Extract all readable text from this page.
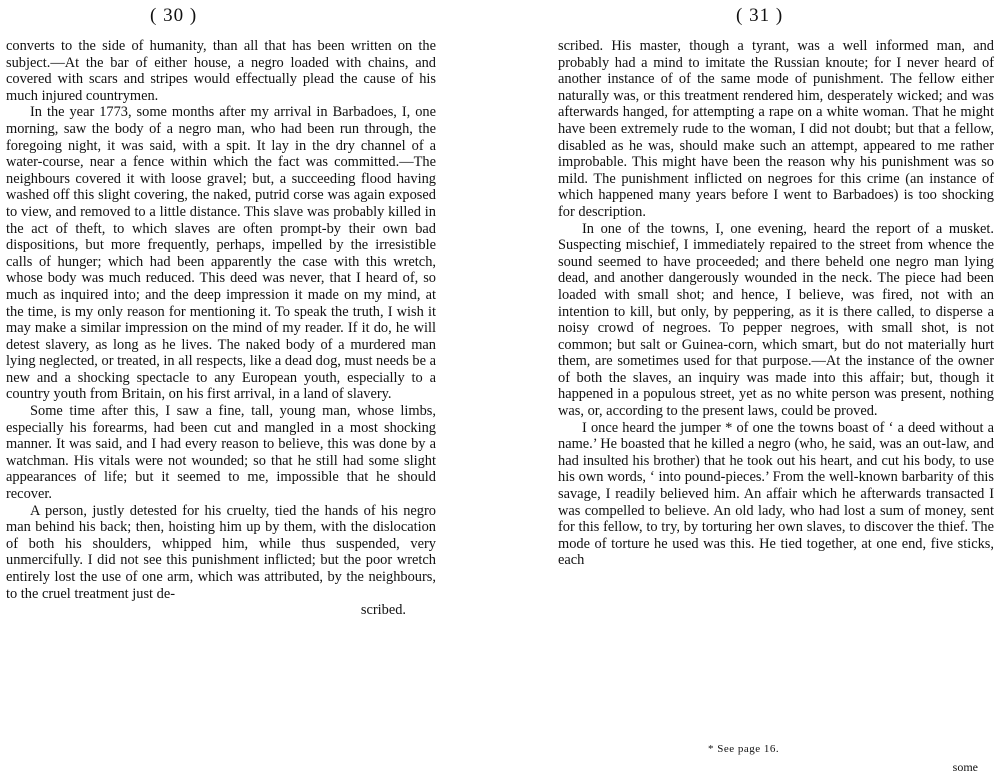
( 30 )

converts to the side of humanity, than all that has been written on the subject.—At the bar of either house, a negro loaded with chains, and covered with scars and stripes would effectually plead the cause of his much injured countrymen.

In the year 1773, some months after my arrival in Barbadoes, I, one morning, saw the body of a negro man, who had been run through, the foregoing night, it was said, with a spit. It lay in the dry channel of a water-course, near a fence within which the fact was committed.—The neighbours covered it with loose gravel; but, a succeeding flood having washed off this slight covering, the naked, putrid corse was again exposed to view, and removed to a little distance. This slave was probably killed in the act of theft, to which slaves are often prompt-by their own bad dispositions, but more frequently, perhaps, impelled by the irresistible calls of hunger; which had been apparently the case with this wretch, whose body was much reduced. This deed was never, that I heard of, so much as inquired into; and the deep impression it made on my mind, at the time, is my only reason for mentioning it. To speak the truth, I wish it may make a similar impression on the mind of my reader. If it do, he will detest slavery, as long as he lives. The naked body of a murdered man lying neglected, or treated, in all respects, like a dead dog, must needs be a new and a shocking spectacle to any European youth, especially to a country youth from Britain, on his first arrival, in a land of slavery.

Some time after this, I saw a fine, tall, young man, whose limbs, especially his forearms, had been cut and mangled in a most shocking manner. It was said, and I had every reason to believe, this was done by a watchman. His vitals were not wounded; so that he still had some slight appearances of life; but it seemed to me, impossible that he should recover.

A person, justly detested for his cruelty, tied the hands of his negro man behind his back; then, hoisting him up by them, with the dislocation of both his shoulders, whipped him, while thus suspended, very unmercifully. I did not see this punishment inflicted; but the poor wretch entirely lost the use of one arm, which was attributed, by the neighbours, to the cruel treatment just de-

scribed.

( 31 )

scribed. His master, though a tyrant, was a well informed man, and probably had a mind to imitate the Russian knoute; for I never heard of another instance of of the same mode of punishment. The fellow either naturally was, or this treatment rendered him, desperately wicked; and was afterwards hanged, for attempting a rape on a white woman. That he might have been extremely rude to the woman, I did not doubt; but that a fellow, disabled as he was, should make such an attempt, appeared to me rather improbable. This might have been the reason why his punishment was so mild. The punishment inflicted on negroes for this crime (an instance of which happened many years before I went to Barbadoes) is too shocking for description.

In one of the towns, I, one evening, heard the report of a musket. Suspecting mischief, I immediately repaired to the street from whence the sound seemed to have proceeded; and there beheld one negro man lying dead, and another dangerously wounded in the neck. The piece had been loaded with small shot; and hence, I believe, was fired, not with an intention to kill, but only, by peppering, as it is there called, to disperse a noisy crowd of negroes. To pepper negroes, with small shot, is not common; but salt or Guinea-corn, which smart, but do not materially hurt them, are sometimes used for that purpose.—At the instance of the owner of both the slaves, an inquiry was made into this affair; but, though it happened in a populous street, yet as no white person was present, nothing was, or, according to the present laws, could be proved.

I once heard the jumper * of one the towns boast of ‘ a deed without a name.’ He boasted that he killed a negro (who, he said, was an out-law, and had insulted his brother) that he took out his heart, and cut his body, to use his own words, ‘ into pound-pieces.’ From the well-known barbarity of this savage, I readily believed him. An affair which he afterwards transacted I was compelled to believe. An old lady, who had lost a sum of money, sent for this fellow, to try, by torturing her own slaves, to discover the thief. The mode of torture he used was this. He tied together, at one end, five sticks, each

* See page 16.
some
